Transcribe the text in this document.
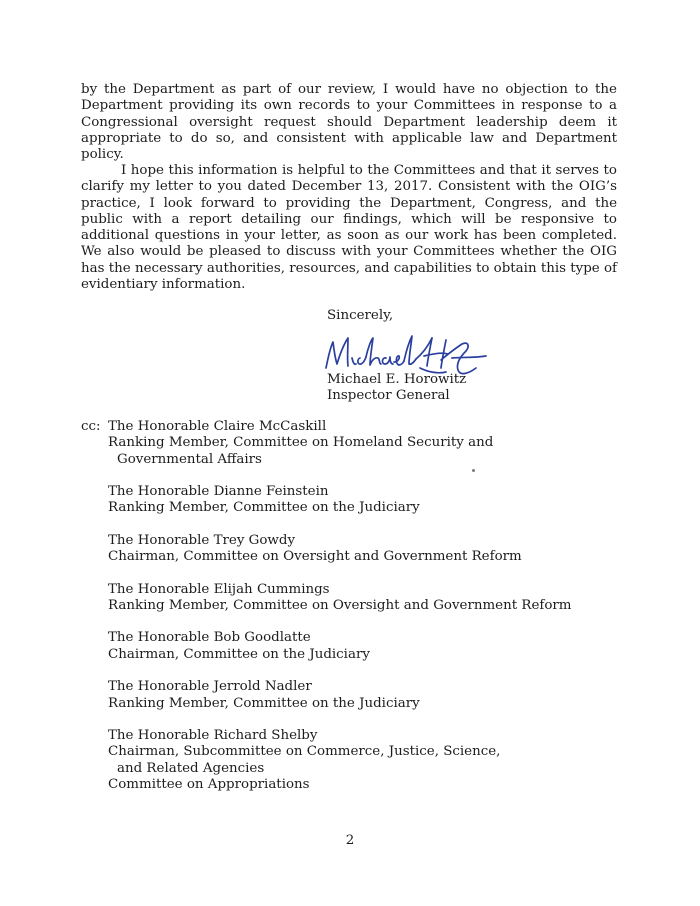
by the Department as part of our review, I would have no objection to the Department providing its own records to your Committees in response to a Congressional oversight request should Department leadership deem it appropriate to do so, and consistent with applicable law and Department policy.

I hope this information is helpful to the Committees and that it serves to clarify my letter to you dated December 13, 2017. Consistent with the OIG’s practice, I look forward to providing the Department, Congress, and the public with a report detailing our findings, which will be responsive to additional questions in your letter, as soon as our work has been completed. We also would be pleased to discuss with your Committees whether the OIG has the necessary authorities, resources, and capabilities to obtain this type of evidentiary information.

Sincerely,

Michael E. Horowitz
Inspector General
cc: The Honorable Claire McCaskill
Ranking Member, Committee on Homeland Security and
Governmental Affairs
The Honorable Dianne Feinstein
Ranking Member, Committee on the Judiciary
The Honorable Trey Gowdy
Chairman, Committee on Oversight and Government Reform
The Honorable Elijah Cummings
Ranking Member, Committee on Oversight and Government Reform
The Honorable Bob Goodlatte
Chairman, Committee on the Judiciary
The Honorable Jerrold Nadler
Ranking Member, Committee on the Judiciary
The Honorable Richard Shelby
Chairman, Subcommittee on Commerce, Justice, Science,
and Related Agencies
Committee on Appropriations
2
